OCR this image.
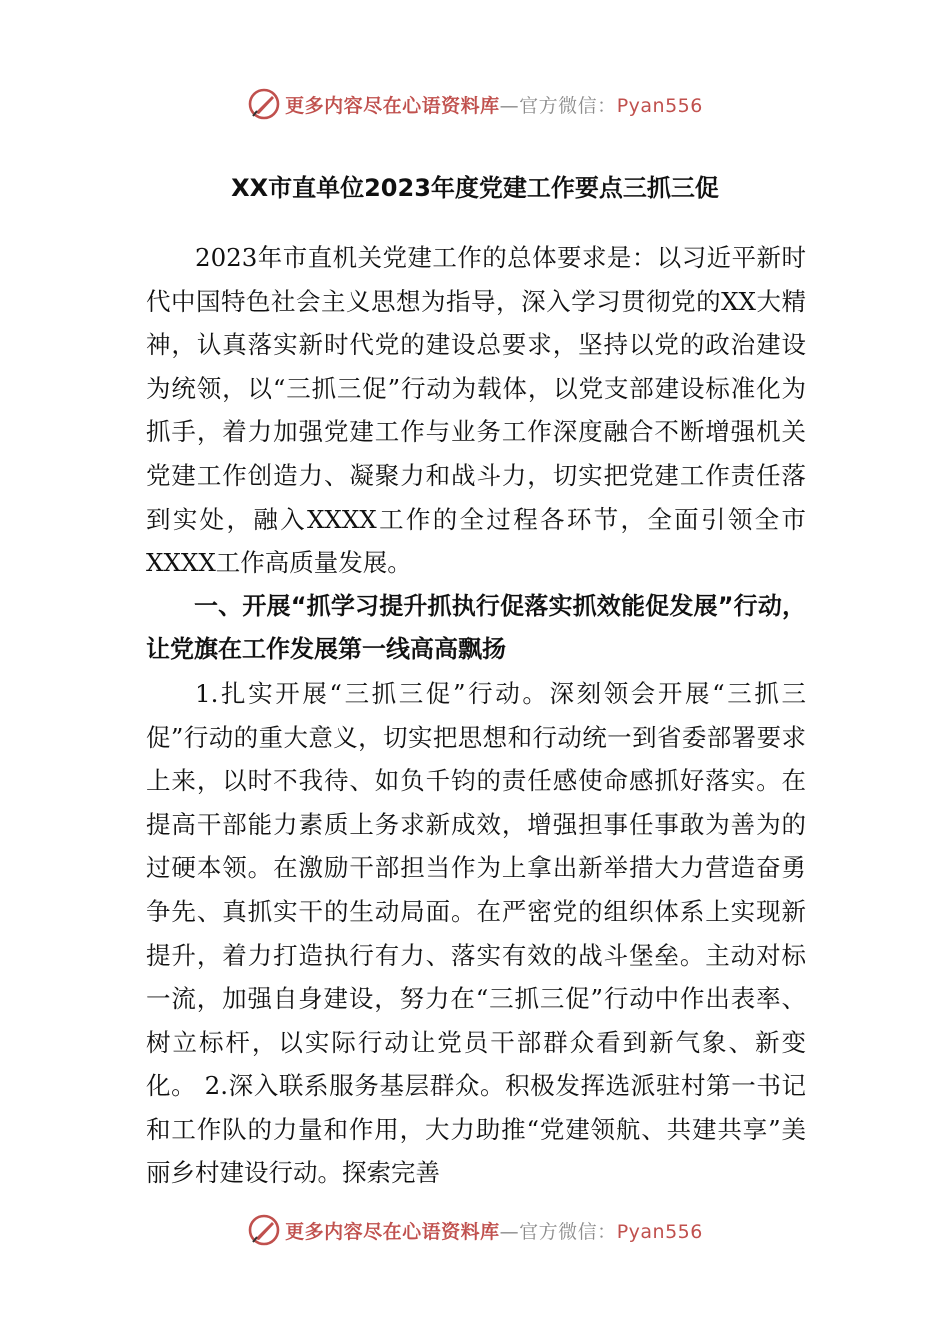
更多内容尽在心语资料库—官方微信：Pyan556
XX市直单位2023年度党建工作要点三抓三促

2023年市直机关党建工作的总体要求是：以习近平新时代中国特色社会主义思想为指导，深入学习贯彻党的XX大精神，认真落实新时代党的建设总要求，坚持以党的政治建设为统领，以“三抓三促”行动为载体，以党支部建设标准化为抓手，着力加强党建工作与业务工作深度融合不断增强机关党建工作创造力、凝聚力和战斗力，切实把党建工作责任落到实处，融入XXXX工作的全过程各环节，全面引领全市XXXX工作高质量发展。

一、开展“抓学习提升抓执行促落实抓效能促发展”行动，让党旗在工作发展第一线高高飘扬

1.扎实开展“三抓三促”行动。深刻领会开展“三抓三促”行动的重大意义，切实把思想和行动统一到省委部署要求上来，以时不我待、如负千钧的责任感使命感抓好落实。在提高干部能力素质上务求新成效，增强担事任事敢为善为的过硬本领。在激励干部担当作为上拿出新举措大力营造奋勇争先、真抓实干的生动局面。在严密党的组织体系上实现新提升，着力打造执行有力、落实有效的战斗堡垒。主动对标一流，加强自身建设，努力在“三抓三促”行动中作出表率、树立标杆，以实际行动让党员干部群众看到新气象、新变化。 2.深入联系服务基层群众。积极发挥选派驻村第一书记和工作队的力量和作用，大力助推“党建领航、共建共享”美丽乡村建设行动。探索完善

更多内容尽在心语资料库—官方微信：Pyan556
